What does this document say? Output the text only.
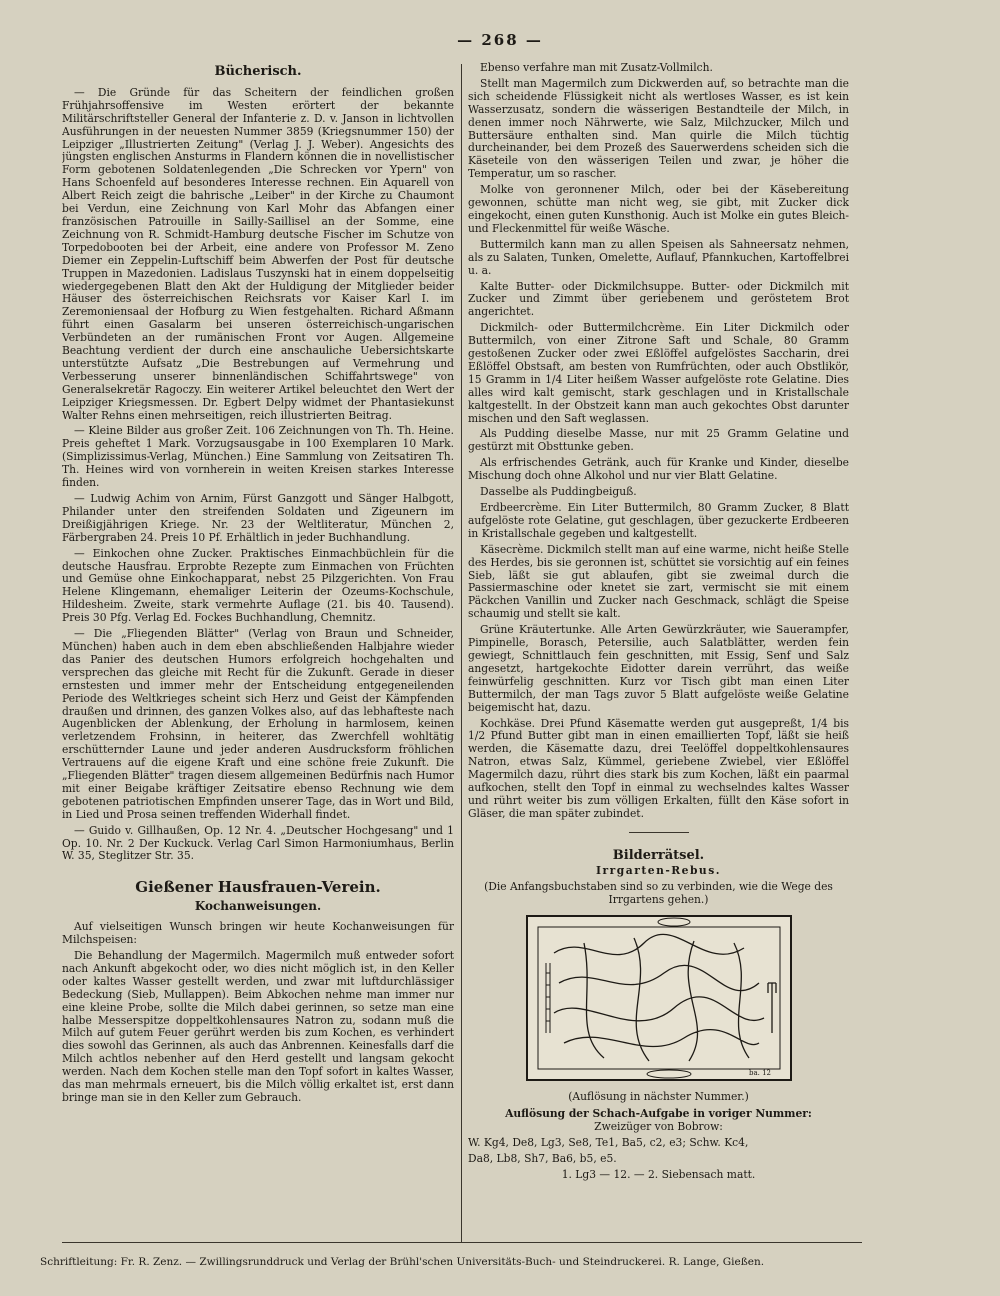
— 268 —
Bücherisch.

— Die Gründe für das Scheitern der feindlichen großen Frühjahrsoffensive im Westen erörtert der bekannte Militärschriftsteller General der Infanterie z. D. v. Janson in lichtvollen Ausführungen in der neuesten Nummer 3859 (Kriegsnummer 150) der Leipziger „Illustrierten Zeitung" (Verlag J. J. Weber). Angesichts des jüngsten englischen Ansturms in Flandern können die in novellistischer Form gebotenen Soldatenlegenden „Die Schrecken vor Ypern" von Hans Schoenfeld auf besonderes Interesse rechnen. Ein Aquarell von Albert Reich zeigt die bahrische „Leiber" in der Kirche zu Chaumont bei Verdun, eine Zeichnung von Karl Mohr das Abfangen einer französischen Patrouille in Sailly-Saillisel an der Somme, eine Zeichnung von R. Schmidt-Hamburg deutsche Fischer im Schutze von Torpedobooten bei der Arbeit, eine andere von Professor M. Zeno Diemer ein Zeppelin-Luftschiff beim Abwerfen der Post für deutsche Truppen in Mazedonien. Ladislaus Tuszynski hat in einem doppelseitig wiedergegebenen Blatt den Akt der Huldigung der Mitglieder beider Häuser des österreichischen Reichsrats vor Kaiser Karl I. im Zeremoniensaal der Hofburg zu Wien festgehalten. Richard Aßmann führt einen Gasalarm bei unseren österreichisch-ungarischen Verbündeten an der rumänischen Front vor Augen. Allgemeine Beachtung verdient der durch eine anschauliche Uebersichtskarte unterstützte Aufsatz „Die Bestrebungen auf Vermehrung und Verbesserung unserer binnenländischen Schiffahrtswege" von Generalsekretär Ragoczy. Ein weiterer Artikel beleuchtet den Wert der Leipziger Kriegsmessen. Dr. Egbert Delpy widmet der Phantasiekunst Walter Rehns einen mehrseitigen, reich illustrierten Beitrag.

— Kleine Bilder aus großer Zeit. 106 Zeichnungen von Th. Th. Heine. Preis geheftet 1 Mark. Vorzugsausgabe in 100 Exemplaren 10 Mark. (Simplizissimus-Verlag, München.) Eine Sammlung von Zeitsatiren Th. Th. Heines wird von vornherein in weiten Kreisen starkes Interesse finden.

— Ludwig Achim von Arnim, Fürst Ganzgott und Sänger Halbgott, Philander unter den streifenden Soldaten und Zigeunern im Dreißigjährigen Kriege. Nr. 23 der Weltliteratur, München 2, Färbergraben 24. Preis 10 Pf. Erhältlich in jeder Buchhandlung.

— Einkochen ohne Zucker. Praktisches Einmachbüchlein für die deutsche Hausfrau. Erprobte Rezepte zum Einmachen von Früchten und Gemüse ohne Einkochapparat, nebst 25 Pilzgerichten. Von Frau Helene Klingemann, ehemaliger Leiterin der Ozeums-Kochschule, Hildesheim. Zweite, stark vermehrte Auflage (21. bis 40. Tausend). Preis 30 Pfg. Verlag Ed. Fockes Buchhandlung, Chemnitz.

— Die „Fliegenden Blätter" (Verlag von Braun und Schneider, München) haben auch in dem eben abschließenden Halbjahre wieder das Panier des deutschen Humors erfolgreich hochgehalten und versprechen das gleiche mit Recht für die Zukunft. Gerade in dieser ernstesten und immer mehr der Entscheidung entgegeneilenden Periode des Weltkrieges scheint sich Herz und Geist der Kämpfenden draußen und drinnen, des ganzen Volkes also, auf das lebhafteste nach Augenblicken der Ablenkung, der Erholung in harmlosem, keinen verletzendem Frohsinn, in heiterer, das Zwerchfell wohltätig erschütternder Laune und jeder anderen Ausdrucksform fröhlichen Vertrauens auf die eigene Kraft und eine schöne freie Zukunft. Die „Fliegenden Blätter" tragen diesem allgemeinen Bedürfnis nach Humor mit einer Beigabe kräftiger Zeitsatire ebenso Rechnung wie dem gebotenen patriotischen Empfinden unserer Tage, das in Wort und Bild, in Lied und Prosa seinen treffenden Widerhall findet.

— Guido v. Gillhaußen, Op. 12 Nr. 4. „Deutscher Hochgesang" und 1 Op. 10. Nr. 2 Der Kuckuck. Verlag Carl Simon Harmoniumhaus, Berlin W. 35, Steglitzer Str. 35.

Gießener Hausfrauen-Verein.
Kochanweisungen.

Auf vielseitigen Wunsch bringen wir heute Kochanweisungen für Milchspeisen:

Die Behandlung der Magermilch. Magermilch muß entweder sofort nach Ankunft abgekocht oder, wo dies nicht möglich ist, in den Keller oder kaltes Wasser gestellt werden, und zwar mit luftdurchlässiger Bedeckung (Sieb, Mullappen). Beim Abkochen nehme man immer nur eine kleine Probe, sollte die Milch dabei gerinnen, so setze man eine halbe Messerspitze doppeltkohlensaures Natron zu, sodann muß die Milch auf gutem Feuer gerührt werden bis zum Kochen, es verhindert dies sowohl das Gerinnen, als auch das Anbrennen. Keinesfalls darf die Milch achtlos nebenher auf den Herd gestellt und langsam gekocht werden. Nach dem Kochen stelle man den Topf sofort in kaltes Wasser, das man mehrmals erneuert, bis die Milch völlig erkaltet ist, erst dann bringe man sie in den Keller zum Gebrauch.

Ebenso verfahre man mit Zusatz-Vollmilch.

Stellt man Magermilch zum Dickwerden auf, so betrachte man die sich scheidende Flüssigkeit nicht als wertloses Wasser, es ist kein Wasserzusatz, sondern die wässerigen Bestandteile der Milch, in denen immer noch Nährwerte, wie Salz, Milchzucker, Milch und Buttersäure enthalten sind. Man quirle die Milch tüchtig durcheinander, bei dem Prozeß des Sauerwerdens scheiden sich die Käseteile von den wässerigen Teilen und zwar, je höher die Temperatur, um so rascher.

Molke von geronnener Milch, oder bei der Käsebereitung gewonnen, schütte man nicht weg, sie gibt, mit Zucker dick eingekocht, einen guten Kunsthonig. Auch ist Molke ein gutes Bleich- und Fleckenmittel für weiße Wäsche.

Buttermilch kann man zu allen Speisen als Sahneersatz nehmen, als zu Salaten, Tunken, Omelette, Auflauf, Pfannkuchen, Kartoffelbrei u. a.

Kalte Butter- oder Dickmilchsuppe. Butter- oder Dickmilch mit Zucker und Zimmt über geriebenem und geröstetem Brot angerichtet.

Dickmilch- oder Buttermilchcrème. Ein Liter Dickmilch oder Buttermilch, von einer Zitrone Saft und Schale, 80 Gramm gestoßenen Zucker oder zwei Eßlöffel aufgelöstes Saccharin, drei Eßlöffel Obstsaft, am besten von Rumfrüchten, oder auch Obstlikör, 15 Gramm in 1/4 Liter heißem Wasser aufgelöste rote Gelatine. Dies alles wird kalt gemischt, stark geschlagen und in Kristallschale kaltgestellt. In der Obstzeit kann man auch gekochtes Obst darunter mischen und den Saft weglassen.

Als Pudding dieselbe Masse, nur mit 25 Gramm Gelatine und gestürzt mit Obsttunke geben.

Als erfrischendes Getränk, auch für Kranke und Kinder, dieselbe Mischung doch ohne Alkohol und nur vier Blatt Gelatine.

Dasselbe als Puddingbeiguß.

Erdbeercrème. Ein Liter Buttermilch, 80 Gramm Zucker, 8 Blatt aufgelöste rote Gelatine, gut geschlagen, über gezuckerte Erdbeeren in Kristallschale gegeben und kaltgestellt.

Käsecrème. Dickmilch stellt man auf eine warme, nicht heiße Stelle des Herdes, bis sie geronnen ist, schüttet sie vorsichtig auf ein feines Sieb, läßt sie gut ablaufen, gibt sie zweimal durch die Passiermaschine oder knetet sie zart, vermischt sie mit einem Päckchen Vanillin und Zucker nach Geschmack, schlägt die Speise schaumig und stellt sie kalt.

Grüne Kräutertunke. Alle Arten Gewürzkräuter, wie Sauerampfer, Pimpinelle, Borasch, Petersilie, auch Salatblätter, werden fein gewiegt, Schnittlauch fein geschnitten, mit Essig, Senf und Salz angesetzt, hartgekochte Eidotter darein verrührt, das weiße feinwürfelig geschnitten. Kurz vor Tisch gibt man einen Liter Buttermilch, der man Tags zuvor 5 Blatt aufgelöste weiße Gelatine beigemischt hat, dazu.

Kochkäse. Drei Pfund Käsematte werden gut ausgepreßt, 1/4 bis 1/2 Pfund Butter gibt man in einen emaillierten Topf, läßt sie heiß werden, die Käsematte dazu, drei Teelöffel doppeltkohlensaures Natron, etwas Salz, Kümmel, geriebene Zwiebel, vier Eßlöffel Magermilch dazu, rührt dies stark bis zum Kochen, läßt ein paarmal aufkochen, stellt den Topf in einmal zu wechselndes kaltes Wasser und rührt weiter bis zum völligen Erkalten, füllt den Käse sofort in Gläser, die man später zubindet.

Bilderrätsel.
Irrgarten-Rebus.

(Die Anfangsbuchstaben sind so zu verbinden, wie die Wege des Irrgartens gehen.)

ba. 12

(Auflösung in nächster Nummer.)

Auflösung der Schach-Aufgabe in voriger Nummer:

Zweizüger von Bobrow:

W. Kg4, De8, Lg3, Se8, Te1, Ba5, c2, e3; Schw. Kc4,

Da8, Lb8, Sh7, Ba6, b5, e5.

1. Lg3 — 12. — 2. Siebensach matt.

Schriftleitung: Fr. R. Zenz. — Zwillingsrunddruck und Verlag der Brühl'schen Universitäts-Buch- und Steindruckerei. R. Lange, Gießen.
